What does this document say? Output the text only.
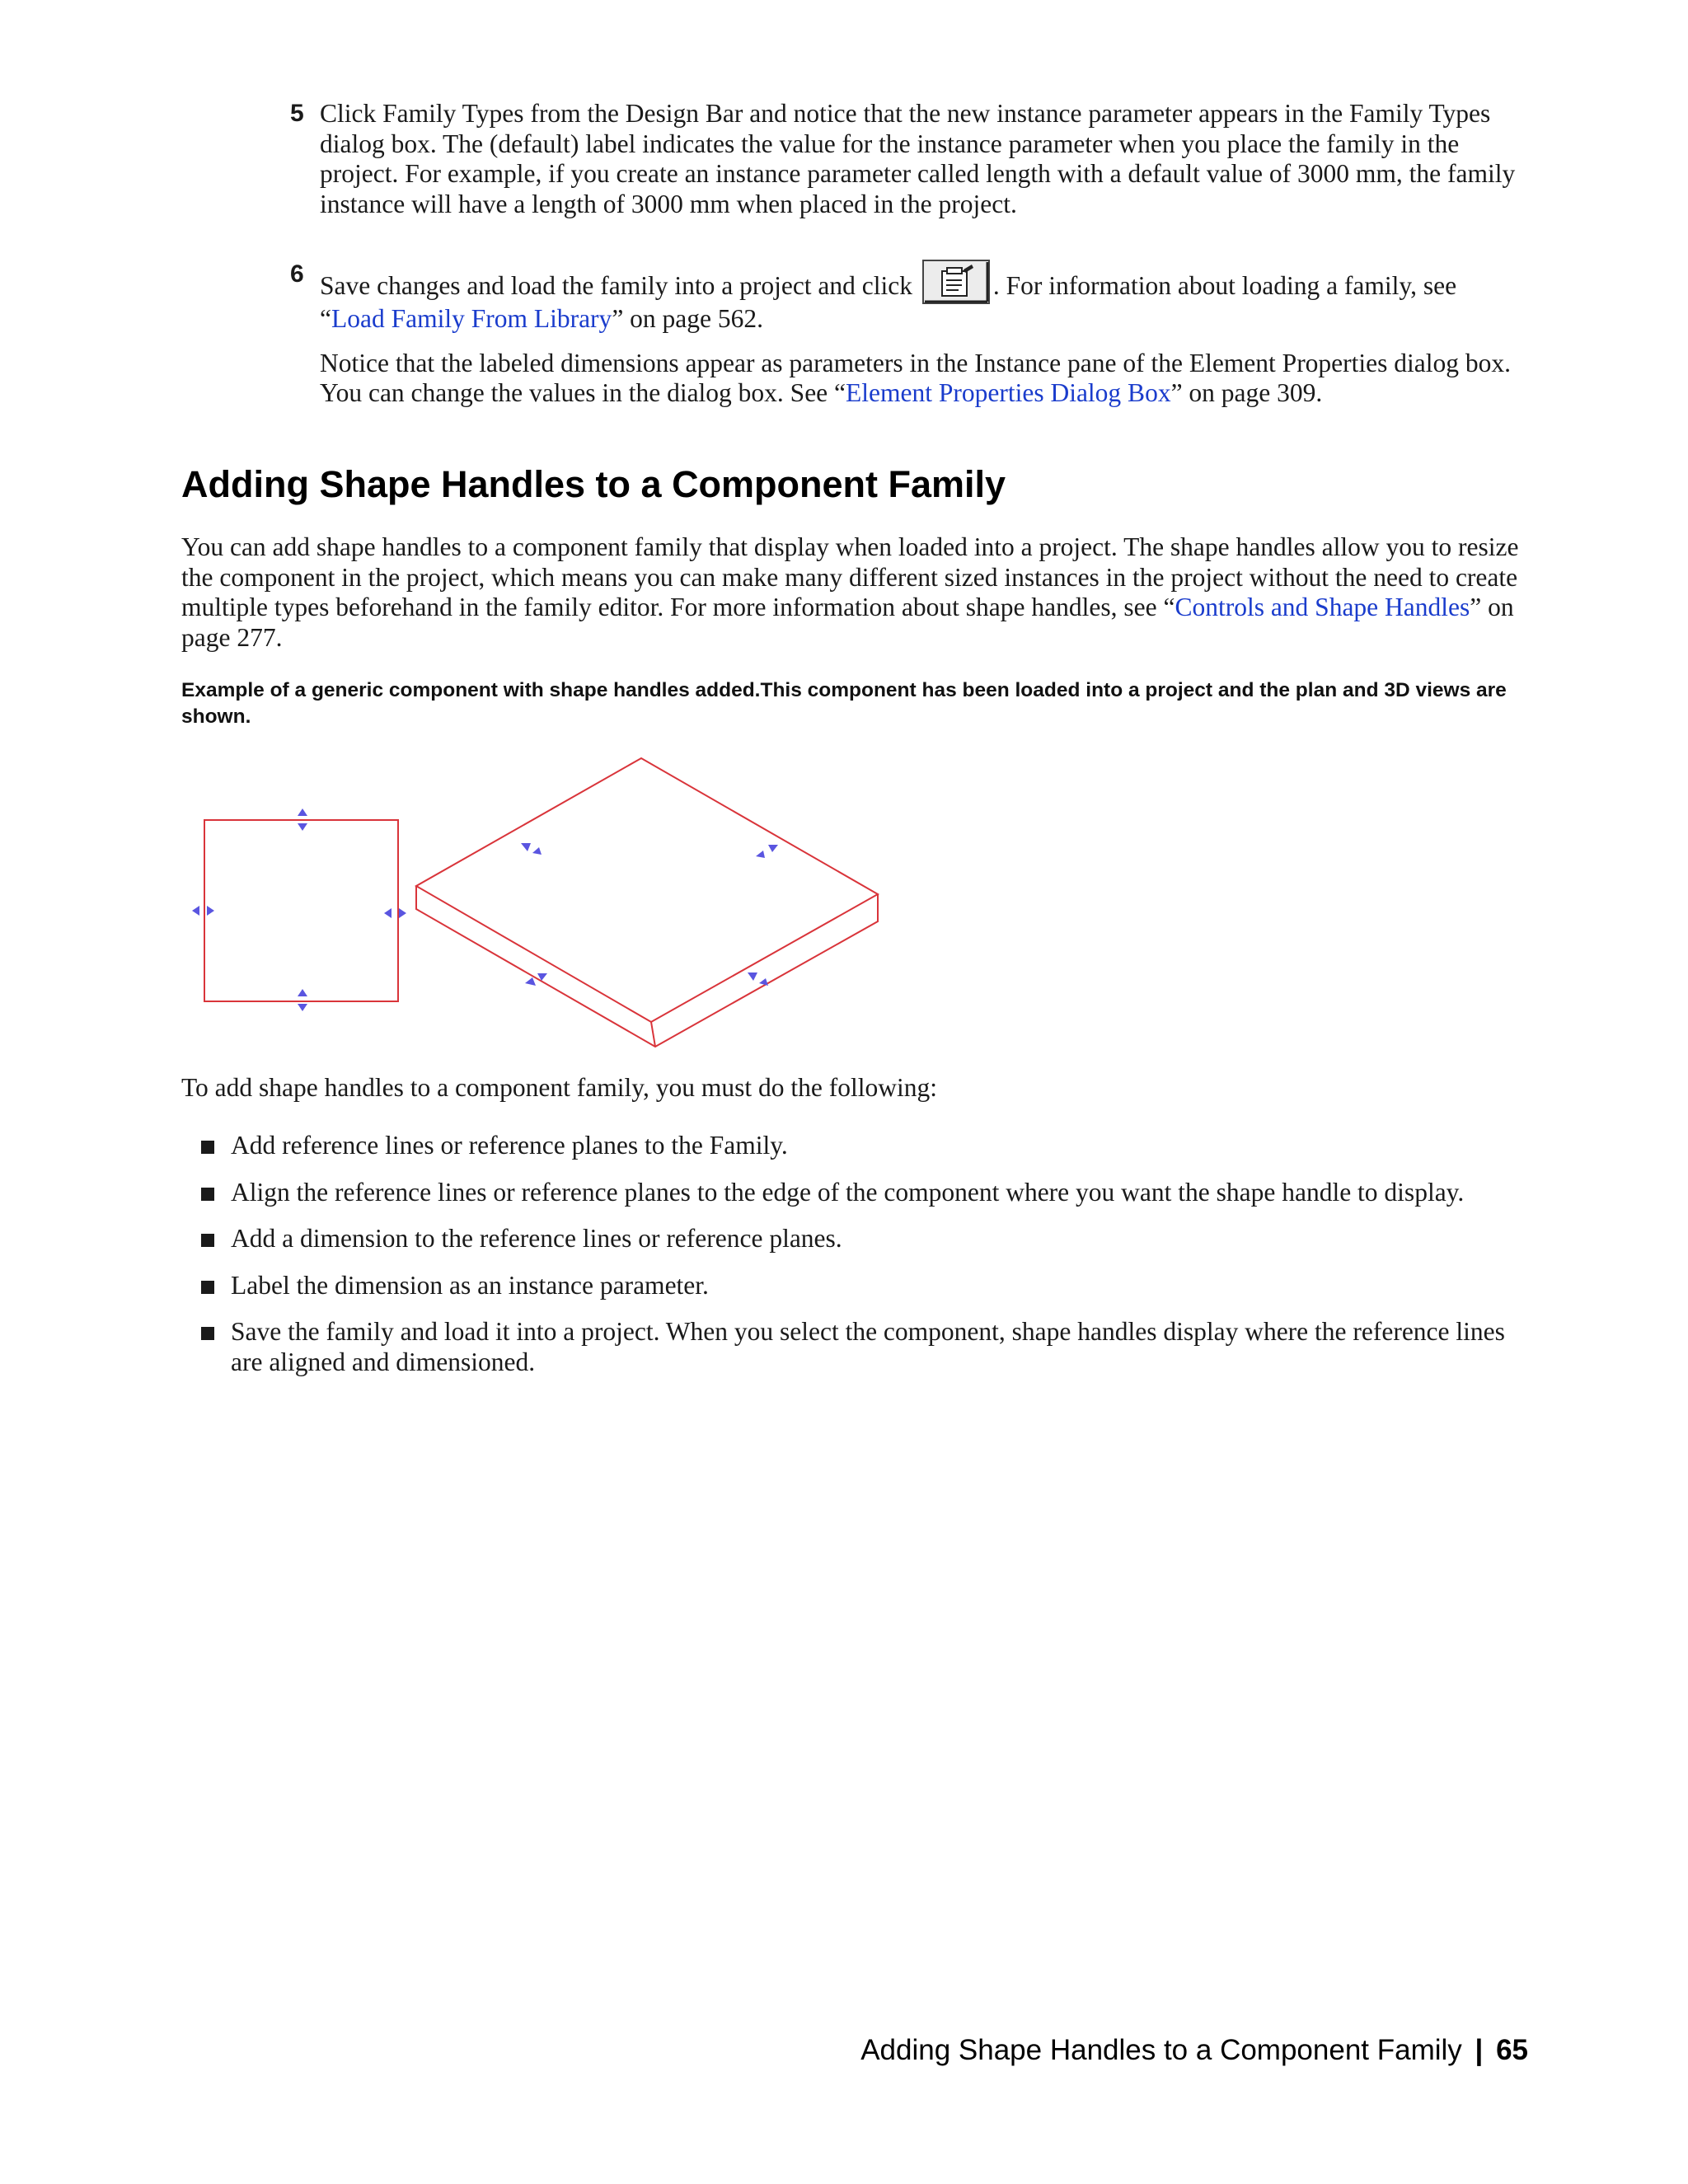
5 Click Family Types from the Design Bar and notice that the new instance parameter appears in the Family Types dialog box. The (default) label indicates the value for the instance parameter when you place the family in the project. For example, if you create an instance parameter called length with a default value of 3000 mm, the family instance will have a length of 3000 mm when placed in the project.

6 Save changes and load the family into a project and click	. For information about loading a family, see “Load Family From Library” on page 562.

Notice that the labeled dimensions appear as parameters in the Instance pane of the Element Properties dialog box. You can change the values in the dialog box. See “Element Properties Dialog Box” on page 309.

Adding Shape Handles to a Component Family

You can add shape handles to a component family that display when loaded into a project. The shape handles allow you to resize the component in the project, which means you can make many different sized instances in the project without the need to create multiple types beforehand in the family editor. For more information about shape handles, see “Controls and Shape Handles” on page 277.

Example of a generic component with shape handles added.This component has been loaded into a project and the plan and 3D views are shown.

To add shape handles to a component family, you must do the following:

Add reference lines or reference planes to the Family.
Align the reference lines or reference planes to the edge of the component where you want the shape handle to display.
Add a dimension to the reference lines or reference planes.
Label the dimension as an instance parameter.
Save the family and load it into a project. When you select the component, shape handles display where the reference lines are aligned and dimensioned.
Adding Shape Handles to a Component Family | 65
